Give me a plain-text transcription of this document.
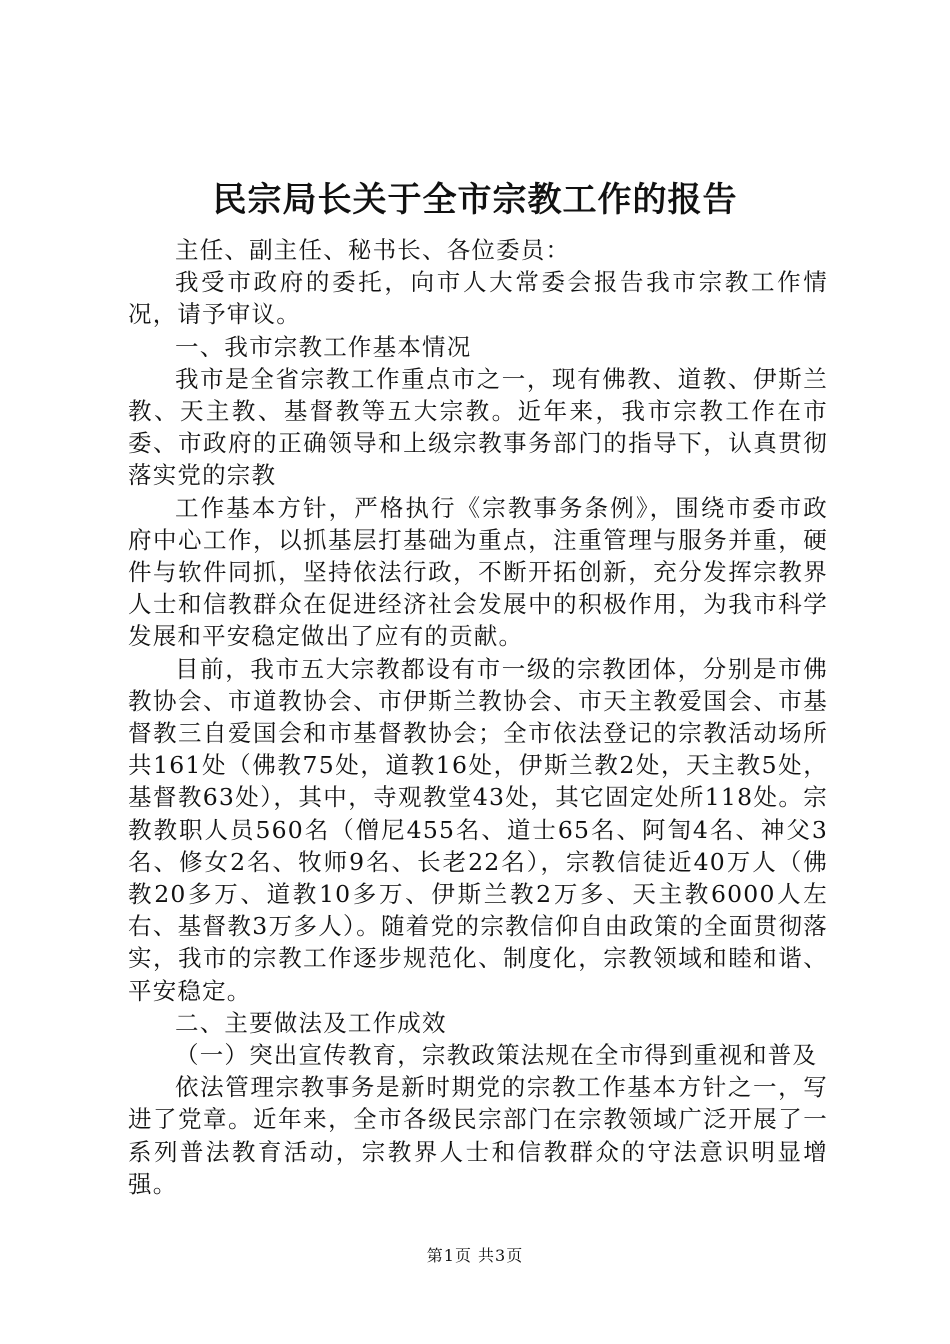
民宗局长关于全市宗教工作的报告

主任、副主任、秘书长、各位委员：

我受市政府的委托，向市人大常委会报告我市宗教工作情况，请予审议。

一、我市宗教工作基本情况

我市是全省宗教工作重点市之一，现有佛教、道教、伊斯兰教、天主教、基督教等五大宗教。近年来，我市宗教工作在市委、市政府的正确领导和上级宗教事务部门的指导下，认真贯彻落实党的宗教

工作基本方针，严格执行《宗教事务条例》，围绕市委市政府中心工作，以抓基层打基础为重点，注重管理与服务并重，硬件与软件同抓，坚持依法行政，不断开拓创新，充分发挥宗教界人士和信教群众在促进经济社会发展中的积极作用，为我市科学发展和平安稳定做出了应有的贡献。

目前，我市五大宗教都设有市一级的宗教团体，分别是市佛教协会、市道教协会、市伊斯兰教协会、市天主教爱国会、市基督教三自爱国会和市基督教协会；全市依法登记的宗教活动场所共161处（佛教75处，道教16处，伊斯兰教2处，天主教5处，基督教63处），其中，寺观教堂43处，其它固定处所118处。宗教教职人员560名（僧尼455名、道士65名、阿訇4名、神父3名、修女2名、牧师9名、长老22名），宗教信徒近40万人（佛教20多万、道教10多万、伊斯兰教2万多、天主教6000人左右、基督教3万多人）。随着党的宗教信仰自由政策的全面贯彻落实，我市的宗教工作逐步规范化、制度化，宗教领域和睦和谐、平安稳定。

二、主要做法及工作成效

（一）突出宣传教育，宗教政策法规在全市得到重视和普及

依法管理宗教事务是新时期党的宗教工作基本方针之一，写进了党章。近年来，全市各级民宗部门在宗教领域广泛开展了一系列普法教育活动，宗教界人士和信教群众的守法意识明显增强。

第1页 共3页
